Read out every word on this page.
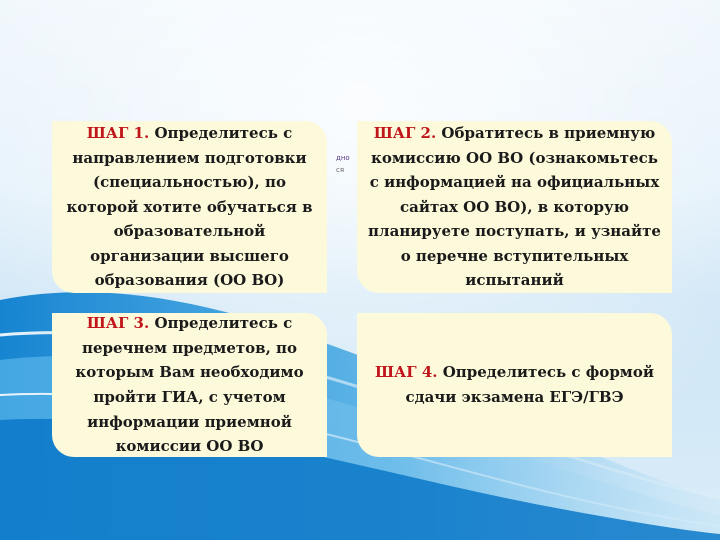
дно
ся
ШАГ 1. Определитесь с направлением подготовки (специальностью), по которой хотите обучаться в образовательной организации высшего образования (ОО ВО)
ШАГ 2. Обратитесь в приемную комиссию ОО ВО (ознакомьтесь с информацией на официальных сайтах ОО ВО), в которую планируете поступать, и узнайте о перечне вступительных испытаний
ШАГ 3. Определитесь с перечнем предметов, по которым Вам необходимо пройти ГИА, с учетом информации приемной комиссии ОО ВО
ШАГ 4. Определитесь с формой сдачи экзамена ЕГЭ/ГВЭ
